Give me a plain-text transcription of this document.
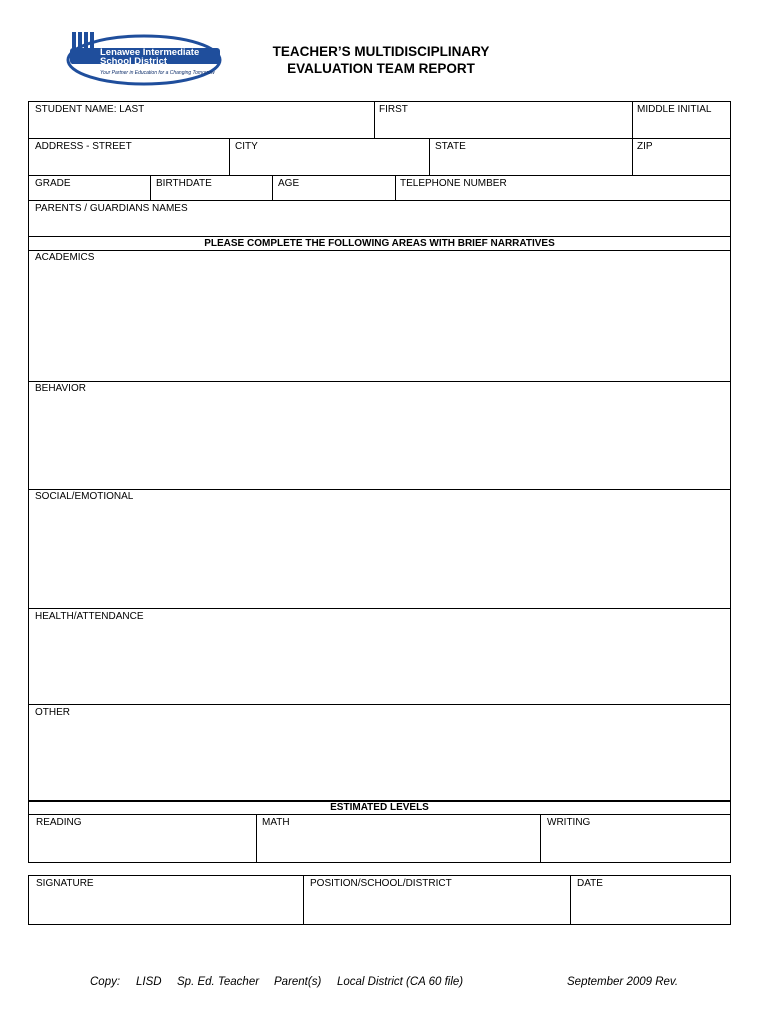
Lenawee Intermediate
School District
Your Partner in Education for a Changing Tomorrow
TEACHER’S MULTIDISCIPLINARY
EVALUATION TEAM REPORT
STUDENT NAME: LAST	FIRST	MIDDLE INITIAL
ADDRESS - STREET	CITY	STATE	ZIP
GRADE	BIRTHDATE	AGE	TELEPHONE NUMBER
PARENTS / GUARDIANS NAMES
PLEASE COMPLETE THE FOLLOWING AREAS WITH BRIEF NARRATIVES
ACADEMICS
BEHAVIOR
SOCIAL/EMOTIONAL
HEALTH/ATTENDANCE
OTHER
ESTIMATED LEVELS
READING	MATH	WRITING
SIGNATURE	POSITION/SCHOOL/DISTRICT	DATE
Copy: LISD Sp. Ed. Teacher Parent(s) Local District (CA 60 file)	September 2009 Rev.
